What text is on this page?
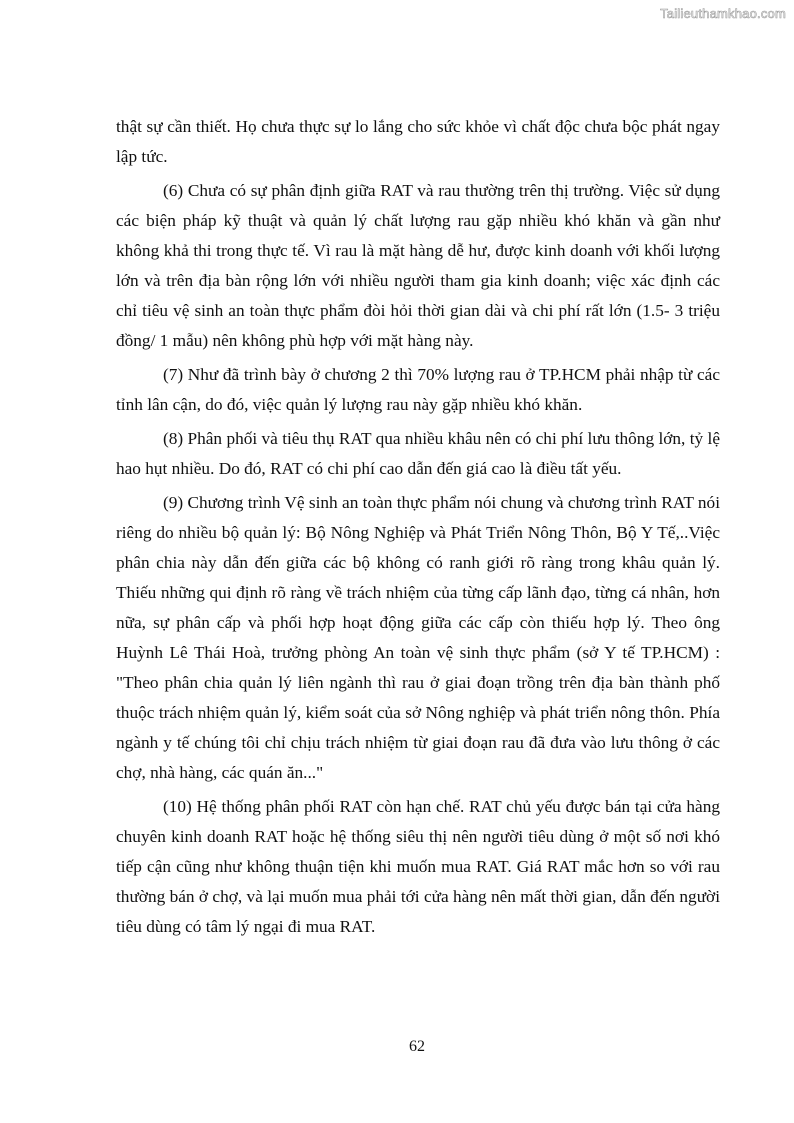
Tailieuthamkhao.com

thật sự cần thiết. Họ chưa thực sự lo lắng cho sức khỏe vì chất độc chưa bộc phát ngay lập tức.

(6) Chưa có sự phân định giữa RAT và rau thường trên thị trường. Việc sử dụng các biện pháp kỹ thuật và quản lý chất lượng rau gặp nhiều khó khăn và gần như không khả thi trong thực tế. Vì rau là mặt hàng dễ hư, được kinh doanh với khối lượng lớn và trên địa bàn rộng lớn với nhiều người tham gia kinh doanh; việc xác định các chỉ tiêu vệ sinh an toàn thực phẩm đòi hỏi thời gian dài và chi phí rất lớn (1.5- 3 triệu đồng/ 1 mẫu) nên không phù hợp với mặt hàng này.

(7) Như đã trình bày ở chương 2 thì 70% lượng rau ở TP.HCM phải nhập từ các tỉnh lân cận, do đó, việc quản lý lượng rau này gặp nhiều khó khăn.

(8) Phân phối và tiêu thụ RAT qua nhiều khâu nên có chi phí lưu thông lớn, tỷ lệ hao hụt nhiều. Do đó, RAT có chi phí cao dẫn đến giá cao là điều tất yếu.

(9) Chương trình Vệ sinh an toàn thực phẩm nói chung và chương trình RAT nói riêng do nhiều bộ quản lý: Bộ Nông Nghiệp và Phát Triển Nông Thôn, Bộ Y Tế,..Việc phân chia này dẫn đến giữa các bộ không có ranh giới rõ ràng trong khâu quản lý. Thiếu những qui định rõ ràng về trách nhiệm của từng cấp lãnh đạo, từng cá nhân, hơn nữa, sự phân cấp và phối hợp hoạt động giữa các cấp còn thiếu hợp lý. Theo ông Huỳnh Lê Thái Hoà, trưởng phòng An toàn vệ sinh thực phẩm (sở Y tế TP.HCM) : "Theo phân chia quản lý liên ngành thì rau ở giai đoạn trồng trên địa bàn thành phố thuộc trách nhiệm quản lý, kiểm soát của sở Nông nghiệp và phát triển nông thôn. Phía ngành y tế chúng tôi chỉ chịu trách nhiệm từ giai đoạn rau đã đưa vào lưu thông ở các chợ, nhà hàng, các quán ăn..."

(10) Hệ thống phân phối RAT còn hạn chế. RAT chủ yếu được bán tại cửa hàng chuyên kinh doanh RAT hoặc hệ thống siêu thị nên người tiêu dùng ở một số nơi khó tiếp cận cũng như không thuận tiện khi muốn mua RAT. Giá RAT mắc hơn so với rau thường bán ở chợ, và lại muốn mua phải tới cửa hàng nên mất thời gian, dẫn đến người tiêu dùng có tâm lý ngại đi mua RAT.

62
